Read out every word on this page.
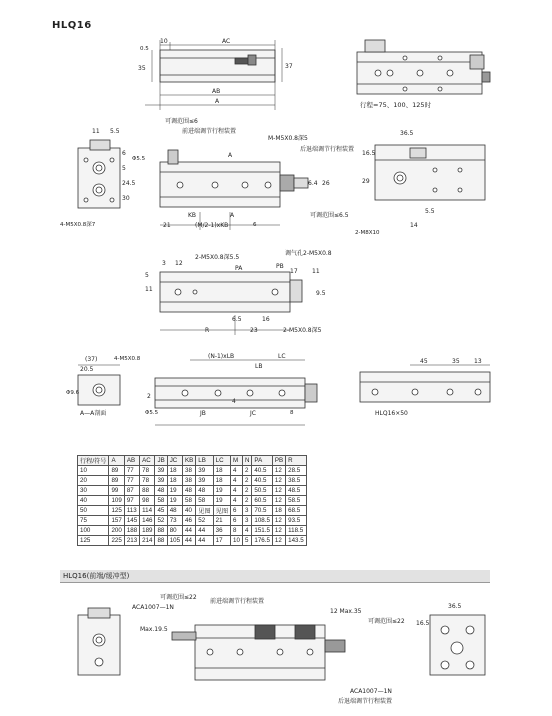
HLQ16
10	AC
0.5
35	37
AB
A	行程=75、100、125时
11 5.5
6
5
24.5
30
4-M5X0.8深7
可调范围≤6
前进端调节行程装置
M-M5X0.8深5
后退端调节行程装置
可调范围≤6.5
A
Φ5.5
26
6.4
KB	A
21	(M/2-1)xKB	6
36.5
16.5
29
5.5
2-M8X10
14
2-M5X0.8深5.5
调气孔2-M5X0.8
3 12
5
11
PA	PB
17 11
9.5
6.5
R
16
23	2-M5X0.8深5
(37)
20.5
4-M5X0.8
Φ9.6
A—A剖面
(N-1)xLB
LB
LC
2
Φ5.5	JB
4
JC	8
45	35 13
HLQ16×50
行程/符号	A	AB	AC	JB	JC	KB	LB	LC	M	N	PA	PB	R
10	89	77	78	39	18	38	39	18	4	2	40.5	12	28.5
20	89	77	78	39	18	38	39	18	4	2	40.5	12	38.5
30	99	87	88	48	19	48	48	19	4	2	50.5	12	48.5
40	109	97	98	58	19	58	58	19	4	2	60.5	12	58.5
50	125	113	114	45	48	40	见图	见图	6	3	70.5	18	68.5
75	157	145	146	52	73	46	52	21	6	3	108.5	12	93.5
100	200	188	189	88	80	44	44	36	8	4	151.5	12	118.5
125	225	213	214	88	105	44	44	17	10	5	176.5	12	143.5
HLQ16(前端/缓冲型)
可调范围≤22
ACA1007—1N
前进端调节行程装置
Max.19.5
12 Max.35
可调范围≤22
ACA1007—1N
后退端调节行程装置
36.5
16.5
